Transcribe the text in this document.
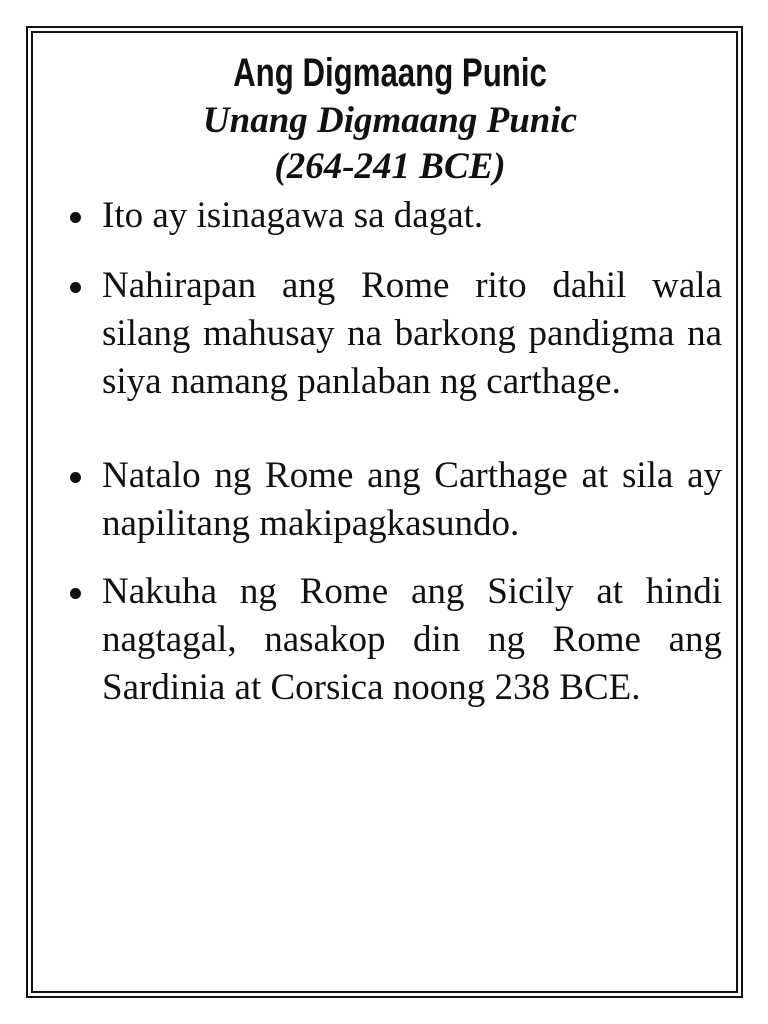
Ang Digmaang Punic

Unang Digmaang Punic

(264-241 BCE)

Ito ay isinagawa sa dagat.
Nahirapan ang Rome rito dahil wala silang mahusay na barkong pandigma na siya namang panlaban ng carthage.
Natalo ng Rome ang Carthage at sila ay napilitang makipagkasundo.
Nakuha ng Rome ang Sicily at hindi nagtagal, nasakop din ng Rome ang Sardinia at Corsica noong 238 BCE.
